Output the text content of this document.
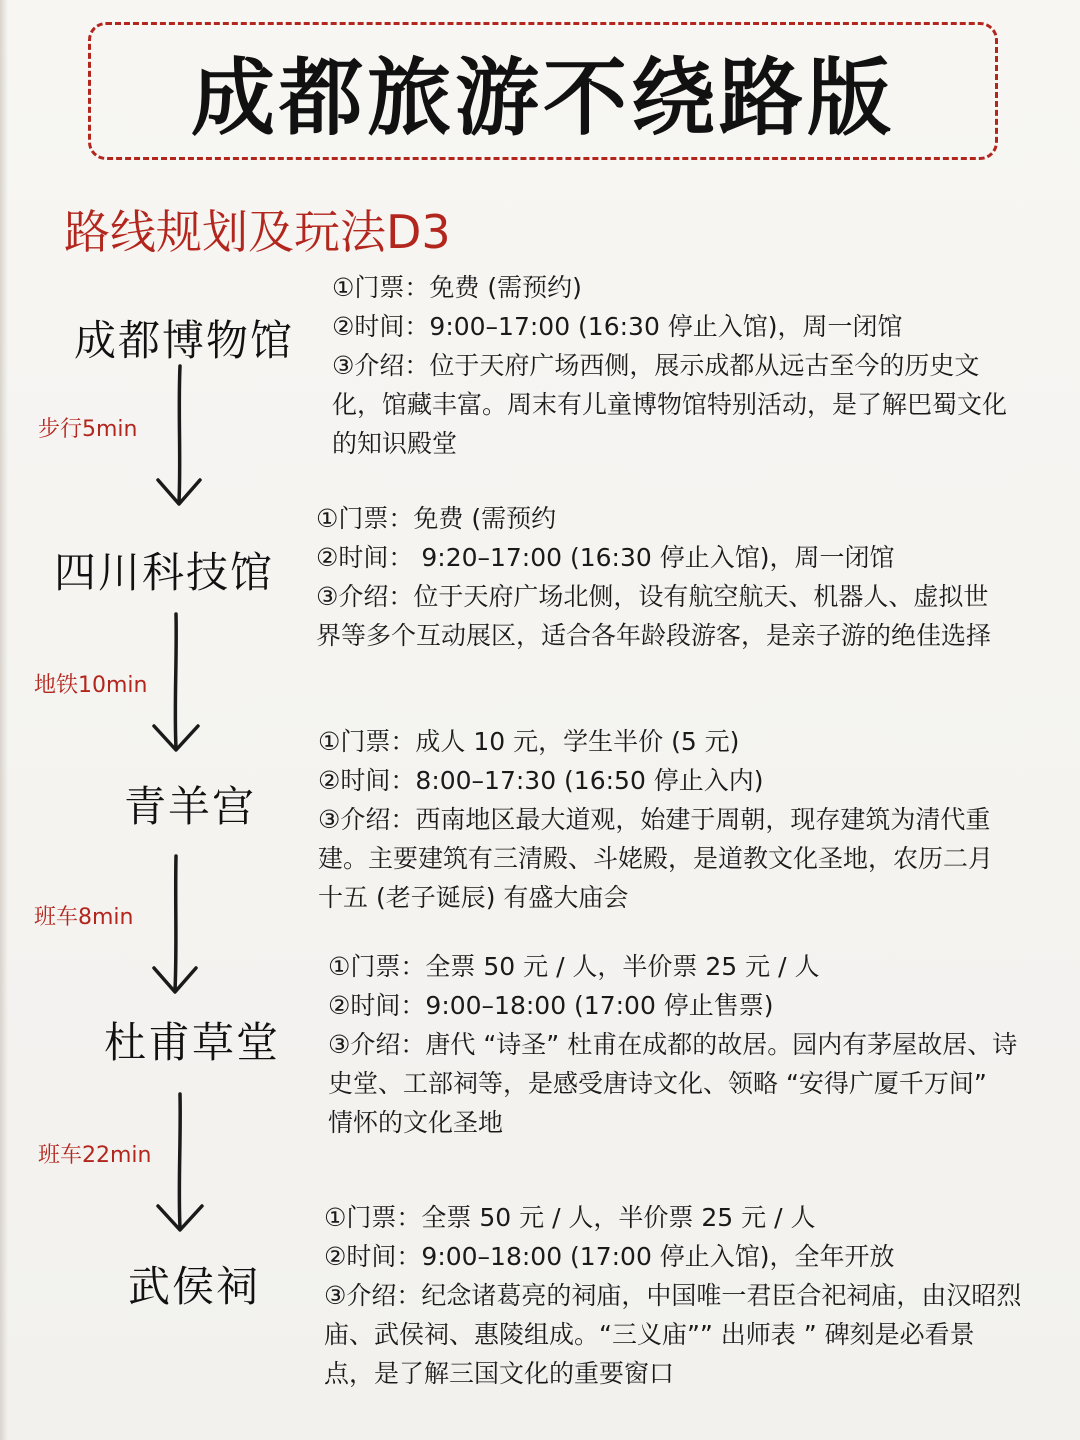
成都旅游不绕路版
路线规划及玩法D3
成都博物馆
①门票：免费 (需预约)
②时间：9:00–17:00 (16:30 停止入馆)，周一闭馆
③介绍：位于天府广场西侧，展示成都从远古至今的历史文化，馆藏丰富。周末有儿童博物馆特别活动，是了解巴蜀文化的知识殿堂
步行5min
四川科技馆
①门票：免费 (需预约
②时间： 9:20–17:00 (16:30 停止入馆)，周一闭馆
③介绍：位于天府广场北侧，设有航空航天、机器人、虚拟世界等多个互动展区，适合各年龄段游客，是亲子游的绝佳选择
地铁10min
青羊宫
①门票：成人 10 元，学生半价 (5 元)
②时间：8:00–17:30 (16:50 停止入内)
③介绍：西南地区最大道观，始建于周朝，现存建筑为清代重建。主要建筑有三清殿、斗姥殿，是道教文化圣地，农历二月十五 (老子诞辰) 有盛大庙会
班车8min
杜甫草堂
①门票：全票 50 元 / 人，半价票 25 元 / 人
②时间：9:00–18:00 (17:00 停止售票)
③介绍：唐代 “诗圣” 杜甫在成都的故居。园内有茅屋故居、诗史堂、工部祠等，是感受唐诗文化、领略 “安得广厦千万间” 情怀的文化圣地
班车22min
武侯祠
①门票：全票 50 元 / 人，半价票 25 元 / 人
②时间：9:00–18:00 (17:00 停止入馆)，全年开放
③介绍：纪念诸葛亮的祠庙，中国唯一君臣合祀祠庙，由汉昭烈庙、武侯祠、惠陵组成。“三义庙”” 出师表 ” 碑刻是必看景点，是了解三国文化的重要窗口
